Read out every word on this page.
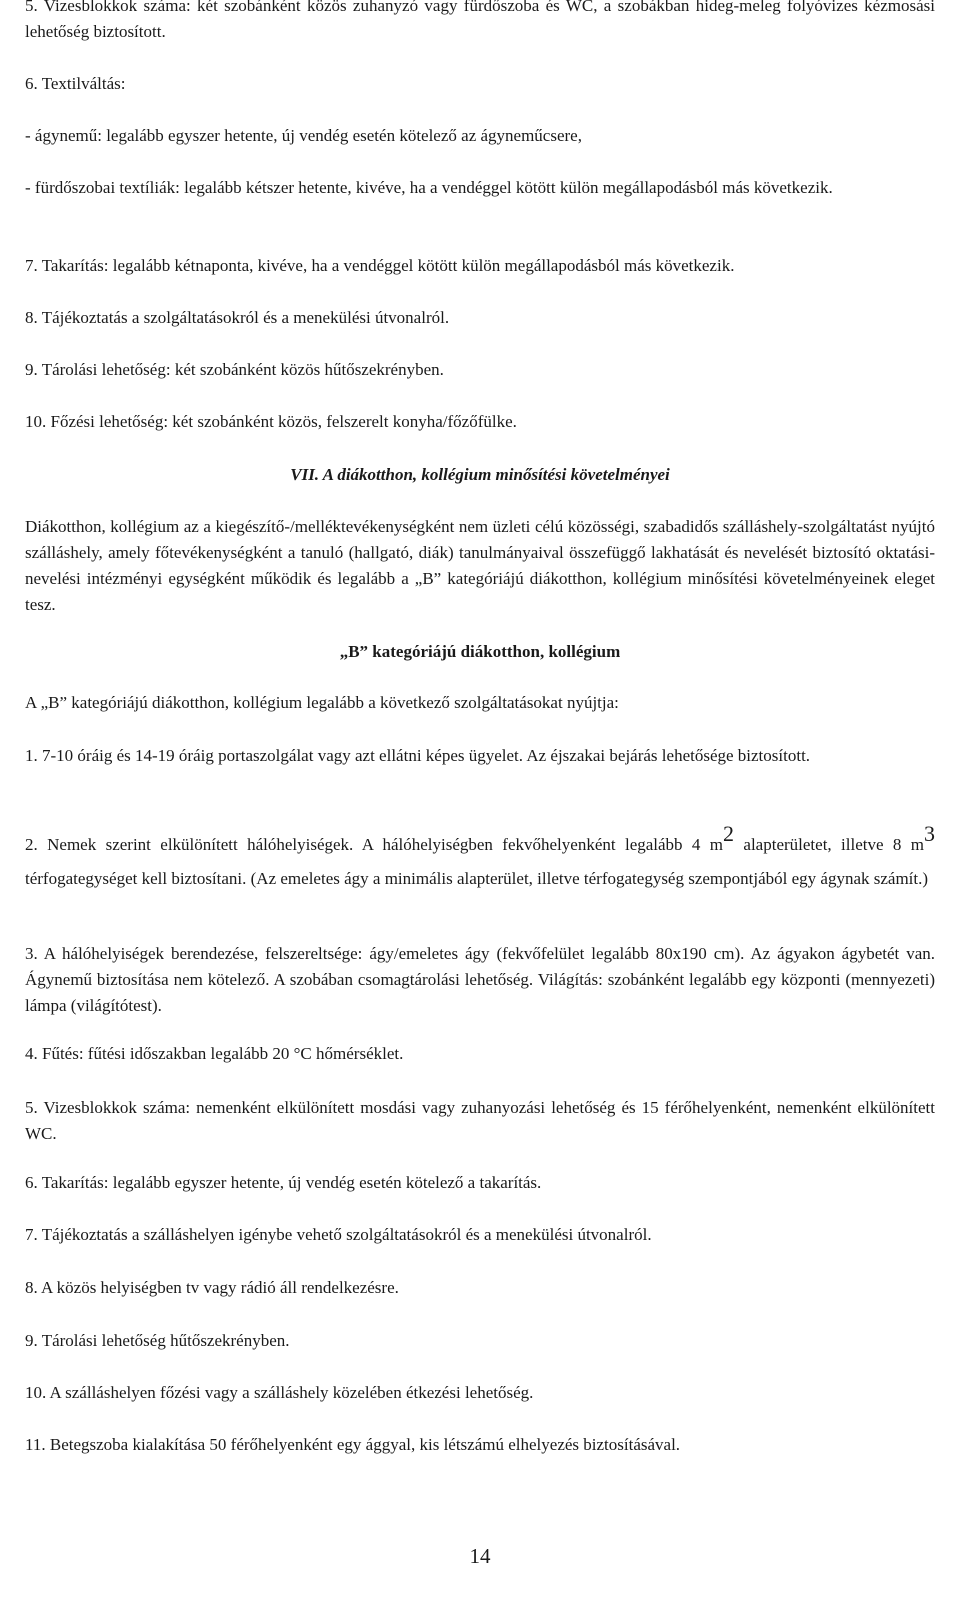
5. Vizesblokkok száma: két szobánként közös zuhanyzó vagy fürdőszoba és WC, a szobákban hideg-meleg folyóvizes kézmosási lehetőség biztosított.

6. Textilváltás:

- ágynemű: legalább egyszer hetente, új vendég esetén kötelező az ágyneműcsere,

- fürdőszobai textíliák: legalább kétszer hetente, kivéve, ha a vendéggel kötött külön megállapodásból más következik.

7. Takarítás: legalább kétnaponta, kivéve, ha a vendéggel kötött külön megállapodásból más következik.

8. Tájékoztatás a szolgáltatásokról és a menekülési útvonalról.

9. Tárolási lehetőség: két szobánként közös hűtőszekrényben.

10. Főzési lehetőség: két szobánként közös, felszerelt konyha/főzőfülke.

VII. A diákotthon, kollégium minősítési követelményei

Diákotthon, kollégium az a kiegészítő-/melléktevékenységként nem üzleti célú közösségi, szabadidős szálláshely-szolgáltatást nyújtó szálláshely, amely főtevékenységként a tanuló (hallgató, diák) tanulmányaival összefüggő lakhatását és nevelését biztosító oktatási-nevelési intézményi egységként működik és legalább a „B” kategóriájú diákotthon, kollégium minősítési követelményeinek eleget tesz.

„B” kategóriájú diákotthon, kollégium

A „B” kategóriájú diákotthon, kollégium legalább a következő szolgáltatásokat nyújtja:

1. 7-10 óráig és 14-19 óráig portaszolgálat vagy azt ellátni képes ügyelet. Az éjszakai bejárás lehetősége biztosított.

2. Nemek szerint elkülönített hálóhelyiségek. A hálóhelyiségben fekvőhelyenként legalább 4 m2 alapterületet, illetve 8 m3 térfogategységet kell biztosítani. (Az emeletes ágy a minimális alapterület, illetve térfogategység szempontjából egy ágynak számít.)

3. A hálóhelyiségek berendezése, felszereltsége: ágy/emeletes ágy (fekvőfelület legalább 80x190 cm). Az ágyakon ágybetét van. Ágynemű biztosítása nem kötelező. A szobában csomagtárolási lehetőség. Világítás: szobánként legalább egy központi (mennyezeti) lámpa (világítótest).

4. Fűtés: fűtési időszakban legalább 20 °C hőmérséklet.

5. Vizesblokkok száma: nemenként elkülönített mosdási vagy zuhanyozási lehetőség és 15 férőhelyenként, nemenként elkülönített WC.

6. Takarítás: legalább egyszer hetente, új vendég esetén kötelező a takarítás.

7. Tájékoztatás a szálláshelyen igénybe vehető szolgáltatásokról és a menekülési útvonalról.

8. A közös helyiségben tv vagy rádió áll rendelkezésre.

9. Tárolási lehetőség hűtőszekrényben.

10. A szálláshelyen főzési vagy a szálláshely közelében étkezési lehetőség.

11. Betegszoba kialakítása 50 férőhelyenként egy ággyal, kis létszámú elhelyezés biztosításával.

14
